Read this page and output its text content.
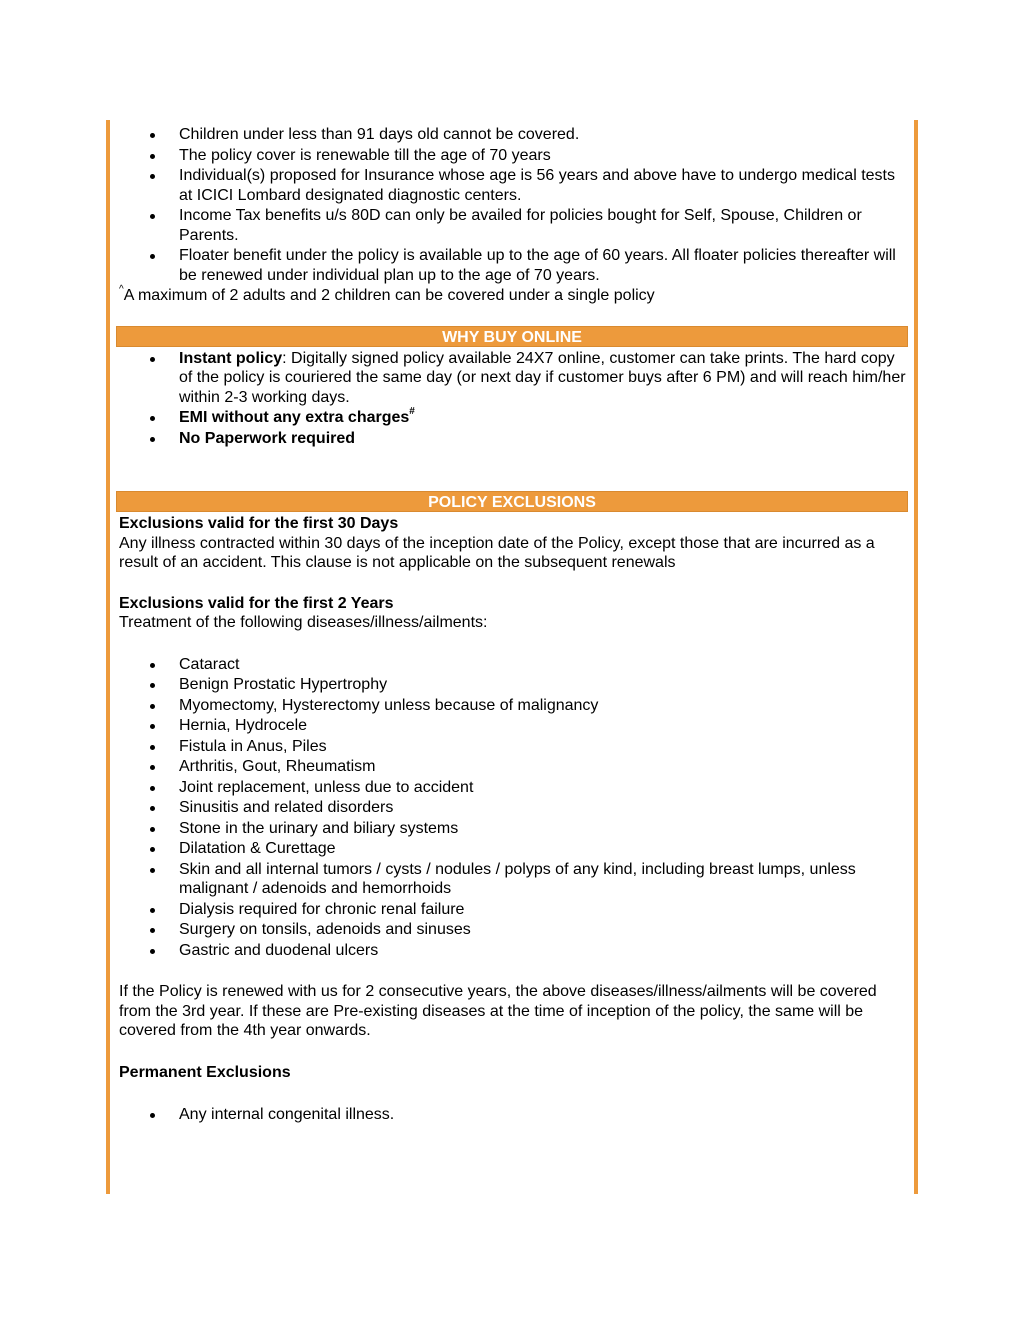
Children under less than 91 days old cannot be covered.
The policy cover is renewable till the age of 70 years
Individual(s) proposed for Insurance whose age is 56 years and above have to undergo medical tests at ICICI Lombard designated diagnostic centers.
Income Tax benefits u/s 80D can only be availed for policies bought for Self, Spouse, Children or Parents.
Floater benefit under the policy is available up to the age of 60 years. All floater policies thereafter will be renewed under individual plan up to the age of 70 years.

^A maximum of 2 adults and 2 children can be covered under a single policy

WHY BUY ONLINE
Instant policy: Digitally signed policy available 24X7 online, customer can take prints. The hard copy of the policy is couriered the same day (or next day if customer buys after 6 PM) and will reach him/her within 2-3 working days.
EMI without any extra charges#
No Paperwork required
POLICY EXCLUSIONS

Exclusions valid for the first 30 Days

Any illness contracted within 30 days of the inception date of the Policy, except those that are incurred as a result of an accident. This clause is not applicable on the subsequent renewals

Exclusions valid for the first 2 Years

Treatment of the following diseases/illness/ailments:

Cataract
Benign Prostatic Hypertrophy
Myomectomy, Hysterectomy unless because of malignancy
Hernia, Hydrocele
Fistula in Anus, Piles
Arthritis, Gout, Rheumatism
Joint replacement, unless due to accident
Sinusitis and related disorders
Stone in the urinary and biliary systems
Dilatation & Curettage
Skin and all internal tumors / cysts / nodules / polyps of any kind, including breast lumps, unless malignant / adenoids and hemorrhoids
Dialysis required for chronic renal failure
Surgery on tonsils, adenoids and sinuses
Gastric and duodenal ulcers

If the Policy is renewed with us for 2 consecutive years, the above diseases/illness/ailments will be covered from the 3rd year. If these are Pre-existing diseases at the time of inception of the policy, the same will be covered from the 4th year onwards.

Permanent Exclusions

Any internal congenital illness.
